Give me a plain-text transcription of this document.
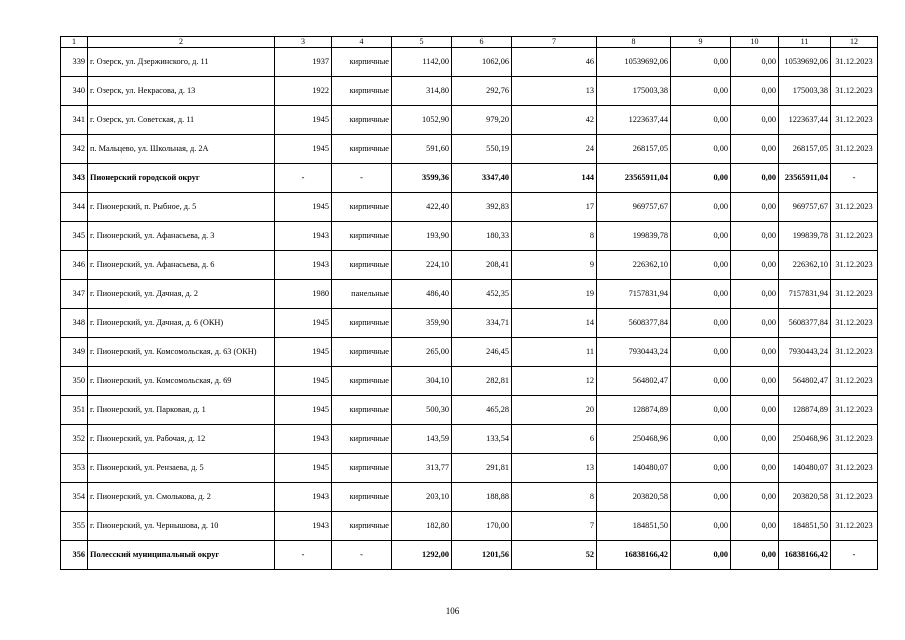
1	2	3	4	5	6	7	8	9	10	11	12
339	г. Озерск, ул. Дзержинского, д. 11	1937	кирпичные	1142,00	1062,06	46	10539692,06	0,00	0,00	10539692,06	31.12.2023
340	г. Озерск, ул. Некрасова, д. 13	1922	кирпичные	314,80	292,76	13	175003,38	0,00	0,00	175003,38	31.12.2023
341	г. Озерск, ул. Советская, д. 11	1945	кирпичные	1052,90	979,20	42	1223637,44	0,00	0,00	1223637,44	31.12.2023
342	п. Мальцево, ул. Школьная, д. 2А	1945	кирпичные	591,60	550,19	24	268157,05	0,00	0,00	268157,05	31.12.2023
343	Пионерский городской округ	-	-	3599,36	3347,40	144	23565911,04	0,00	0,00	23565911,04	-
344	г. Пионерский, п. Рыбное, д. 5	1945	кирпичные	422,40	392,83	17	969757,67	0,00	0,00	969757,67	31.12.2023
345	г. Пионерский, ул. Афанасьева, д. 3	1943	кирпичные	193,90	180,33	8	199839,78	0,00	0,00	199839,78	31.12.2023
346	г. Пионерский, ул. Афанасьева, д. 6	1943	кирпичные	224,10	208,41	9	226362,10	0,00	0,00	226362,10	31.12.2023
347	г. Пионерский, ул. Дачная, д. 2	1980	панельные	486,40	452,35	19	7157831,94	0,00	0,00	7157831,94	31.12.2023
348	г. Пионерский, ул. Дачная, д. 6 (ОКН)	1945	кирпичные	359,90	334,71	14	5608377,84	0,00	0,00	5608377,84	31.12.2023
349	г. Пионерский, ул. Комсомольская, д. 63 (ОКН)	1945	кирпичные	265,00	246,45	11	7930443,24	0,00	0,00	7930443,24	31.12.2023
350	г. Пионерский, ул. Комсомольская, д. 69	1945	кирпичные	304,10	282,81	12	564802,47	0,00	0,00	564802,47	31.12.2023
351	г. Пионерский, ул. Парковая, д. 1	1945	кирпичные	500,30	465,28	20	128874,89	0,00	0,00	128874,89	31.12.2023
352	г. Пионерский, ул. Рабочая, д. 12	1943	кирпичные	143,59	133,54	6	250468,96	0,00	0,00	250468,96	31.12.2023
353	г. Пионерский, ул. Рензаева, д. 5	1945	кирпичные	313,77	291,81	13	140480,07	0,00	0,00	140480,07	31.12.2023
354	г. Пионерский, ул. Смолькова, д. 2	1943	кирпичные	203,10	188,88	8	203820,58	0,00	0,00	203820,58	31.12.2023
355	г. Пионерский, ул. Чернышова, д. 10	1943	кирпичные	182,80	170,00	7	184851,50	0,00	0,00	184851,50	31.12.2023
356	Полесский муниципальный округ	-	-	1292,00	1201,56	52	16838166,42	0,00	0,00	16838166,42	-
106
